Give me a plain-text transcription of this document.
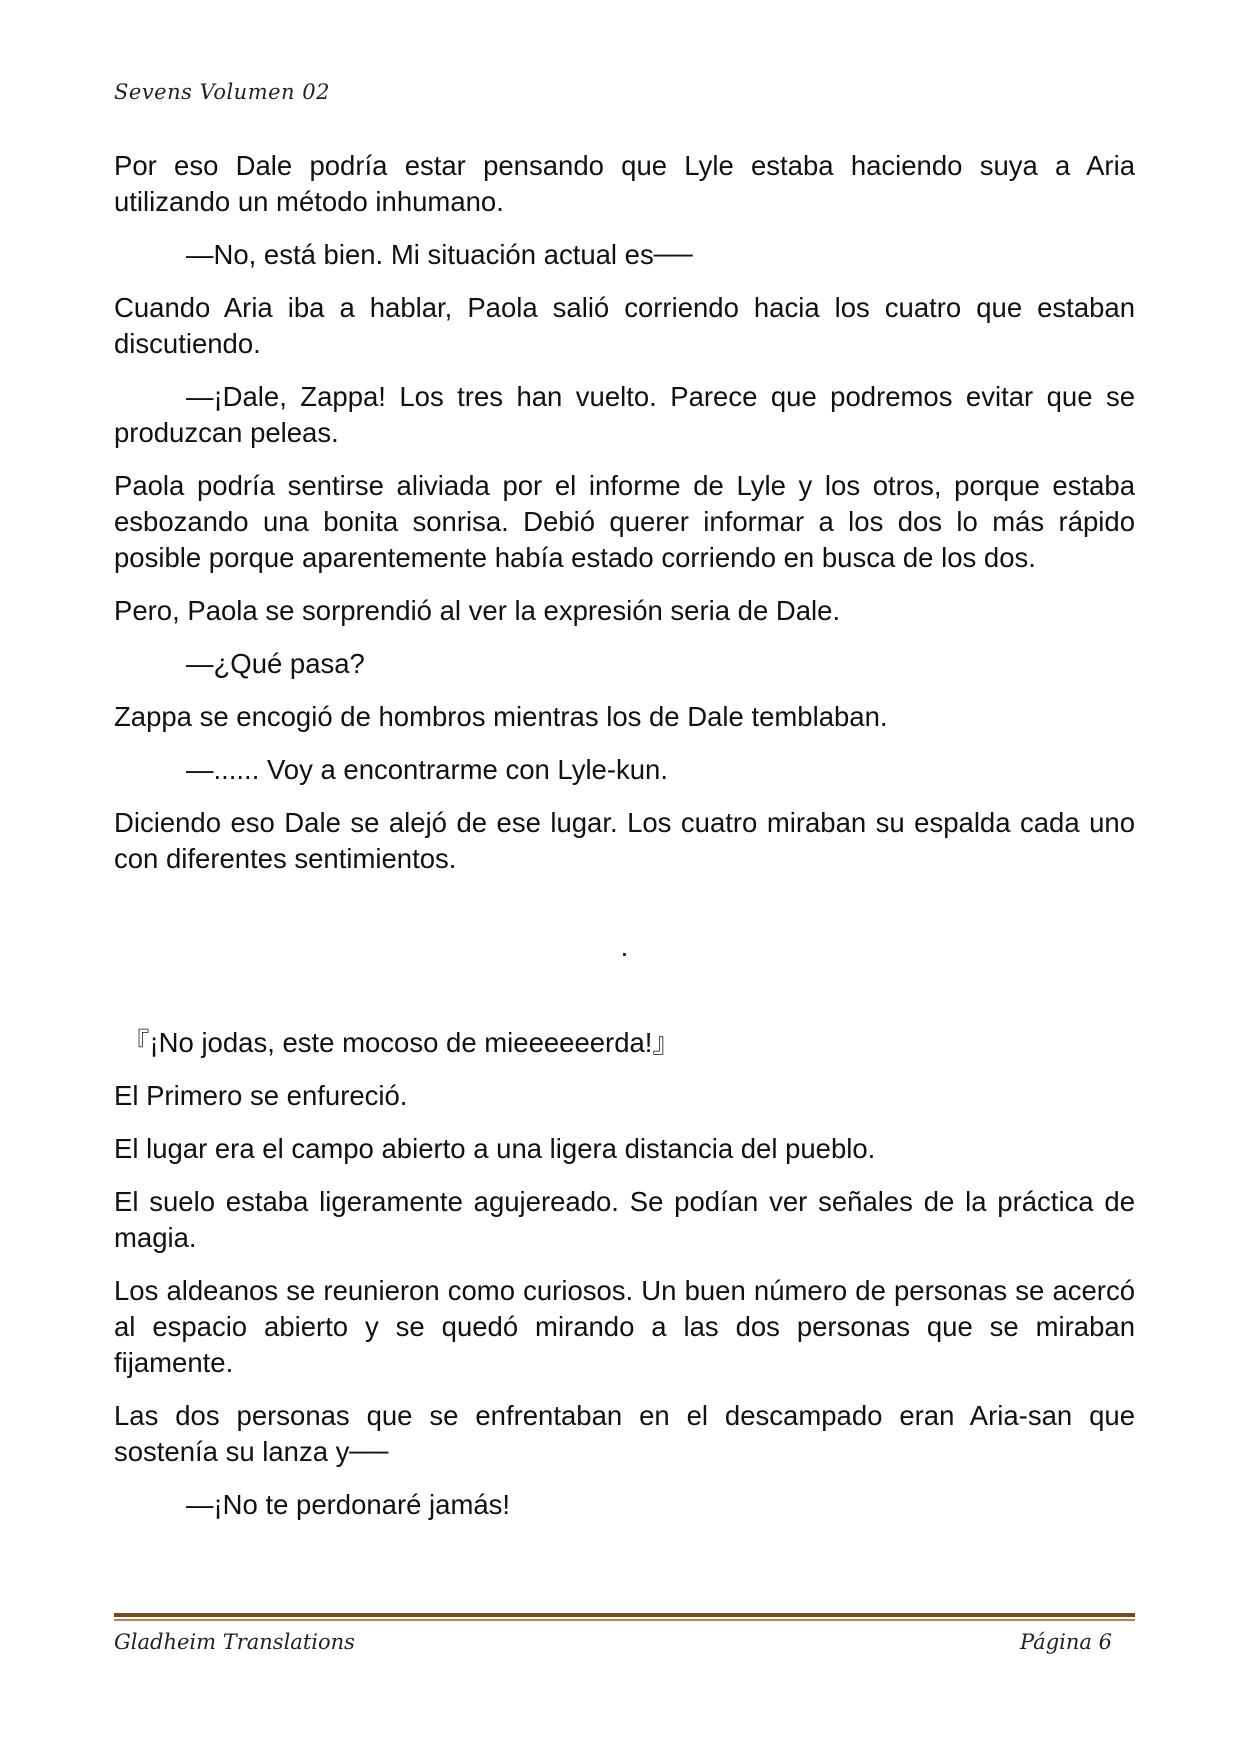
Sevens Volumen 02

Por eso Dale podría estar pensando que Lyle estaba haciendo suya a Aria utilizando un método inhumano.

—No, está bien. Mi situación actual es──

Cuando Aria iba a hablar, Paola salió corriendo hacia los cuatro que estaban discutiendo.

—¡Dale, Zappa! Los tres han vuelto. Parece que podremos evitar que se produzcan peleas.

Paola podría sentirse aliviada por el informe de Lyle y los otros, porque estaba esbozando una bonita sonrisa. Debió querer informar a los dos lo más rápido posible porque aparentemente había estado corriendo en busca de los dos.

Pero, Paola se sorprendió al ver la expresión seria de Dale.

—¿Qué pasa?

Zappa se encogió de hombros mientras los de Dale temblaban.

—...... Voy a encontrarme con Lyle-kun.

Diciendo eso Dale se alejó de ese lugar. Los cuatro miraban su espalda cada uno con diferentes sentimientos.

.

『¡No jodas, este mocoso de mieeeeeerda!』

El Primero se enfureció.

El lugar era el campo abierto a una ligera distancia del pueblo.

El suelo estaba ligeramente agujereado. Se podían ver señales de la práctica de magia.

Los aldeanos se reunieron como curiosos. Un buen número de personas se acercó al espacio abierto y se quedó mirando a las dos personas que se miraban fijamente.

Las dos personas que se enfrentaban en el descampado eran Aria-san que sostenía su lanza y──

—¡No te perdonaré jamás!

Gladheim Translations	Página 6
